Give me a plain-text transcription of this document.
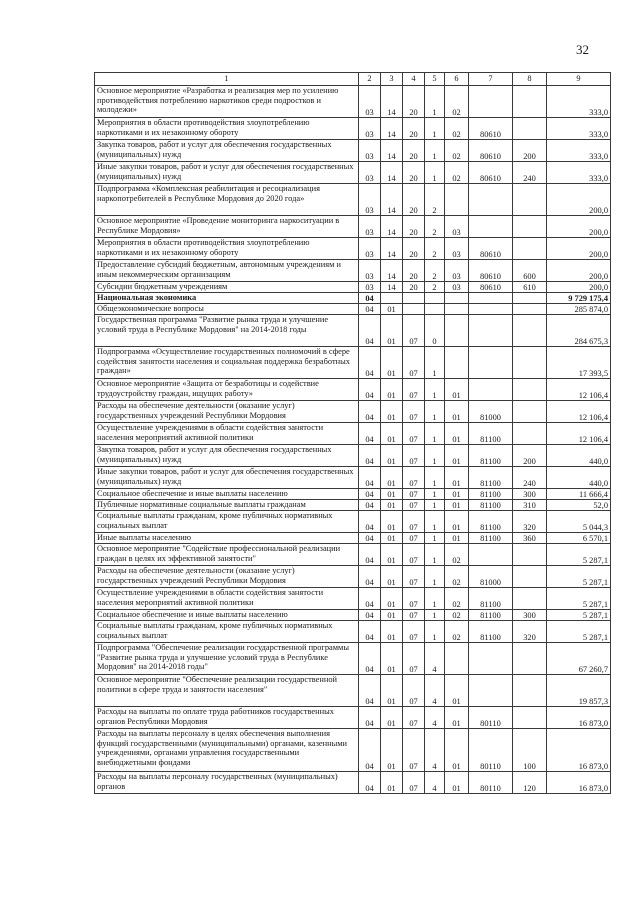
32
1	2	3	4	5	6	7	8	9
Основное мероприятие «Разработка и реализация мер по усилению противодействия потреблению наркотиков среди подростков и молодежи»	03	14	20	1	02			333,0
Мероприятия в области противодействия злоупотреблению наркотиками и их незаконному обороту	03	14	20	1	02	80610		333,0
Закупка товаров, работ и услуг для обеспечения государственных (муниципальных) нужд	03	14	20	1	02	80610	200	333,0
Иные закупки товаров, работ и услуг для обеспечения государственных (муниципальных) нужд	03	14	20	1	02	80610	240	333,0
Подпрограмма «Комплексная реабилитация и ресоциализация наркопотребителей в Республике Мордовия до 2020 года»	03	14	20	2				200,0
Основное мероприятие «Проведение мониторинга наркоситуации в Республике Мордовия»	03	14	20	2	03			200,0
Мероприятия в области противодействия злоупотреблению наркотиками и их незаконному обороту	03	14	20	2	03	80610		200,0
Предоставление субсидий бюджетным, автономным учреждениям и иным некоммерческим организациям	03	14	20	2	03	80610	600	200,0
Субсидии бюджетным учреждениям	03	14	20	2	03	80610	610	200,0
Национальная экономика	04							9 729 175,4
Общеэкономические вопросы	04	01						285 874,0
Государственная программа "Развитие рынка труда и улучшение условий труда в Республике Мордовия" на 2014-2018 годы	04	01	07	0				284 675,3
Подпрограмма «Осуществление государственных полномочий в сфере содействия занятости населения и социальная поддержка безработных граждан»	04	01	07	1				17 393,5
Основное мероприятие «Защита от безработицы и содействие трудоустройству граждан, ищущих работу»	04	01	07	1	01			12 106,4
Расходы на обеспечение деятельности (оказание услуг) государственных учреждений Республики Мордовия	04	01	07	1	01	81000		12 106,4
Осуществление учреждениями в области содействия занятости населения мероприятий активной политики	04	01	07	1	01	81100		12 106,4
Закупка товаров, работ и услуг для обеспечения государственных (муниципальных) нужд	04	01	07	1	01	81100	200	440,0
Иные закупки товаров, работ и услуг для обеспечения государственных (муниципальных) нужд	04	01	07	1	01	81100	240	440,0
Социальное обеспечение и иные выплаты населению	04	01	07	1	01	81100	300	11 666,4
Публичные нормативные социальные выплаты гражданам	04	01	07	1	01	81100	310	52,0
Социальные выплаты гражданам, кроме публичных нормативных социальных выплат	04	01	07	1	01	81100	320	5 044,3
Иные выплаты населению	04	01	07	1	01	81100	360	6 570,1
Основное мероприятие "Содействие профессиональной реализации граждан в целях их эффективной занятости"	04	01	07	1	02			5 287,1
Расходы на обеспечение деятельности (оказание услуг) государственных учреждений Республики Мордовия	04	01	07	1	02	81000		5 287,1
Осуществление учреждениями в области содействия занятости населения мероприятий активной политики	04	01	07	1	02	81100		5 287,1
Социальное обеспечение и иные выплаты населению	04	01	07	1	02	81100	300	5 287,1
Социальные выплаты гражданам, кроме публичных нормативных социальных выплат	04	01	07	1	02	81100	320	5 287,1
Подпрограмма "Обеспечение реализации государственной программы "Развитие рынка труда и улучшение условий труда в Республике Мордовия" на 2014-2018 годы"	04	01	07	4				67 260,7
Основное мероприятие "Обеспечение реализации государственной политики в сфере труда и занятости населения"	04	01	07	4	01			19 857,3
Расходы на выплаты по оплате труда работников государственных органов Республики Мордовия	04	01	07	4	01	80110		16 873,0
Расходы на выплаты персоналу в целях обеспечения выполнения функций государственными (муниципальными) органами, казенными учреждениями, органами управления государственными внебюджетными фондами	04	01	07	4	01	80110	100	16 873,0
Расходы на выплаты персоналу государственных (муниципальных) органов	04	01	07	4	01	80110	120	16 873,0
